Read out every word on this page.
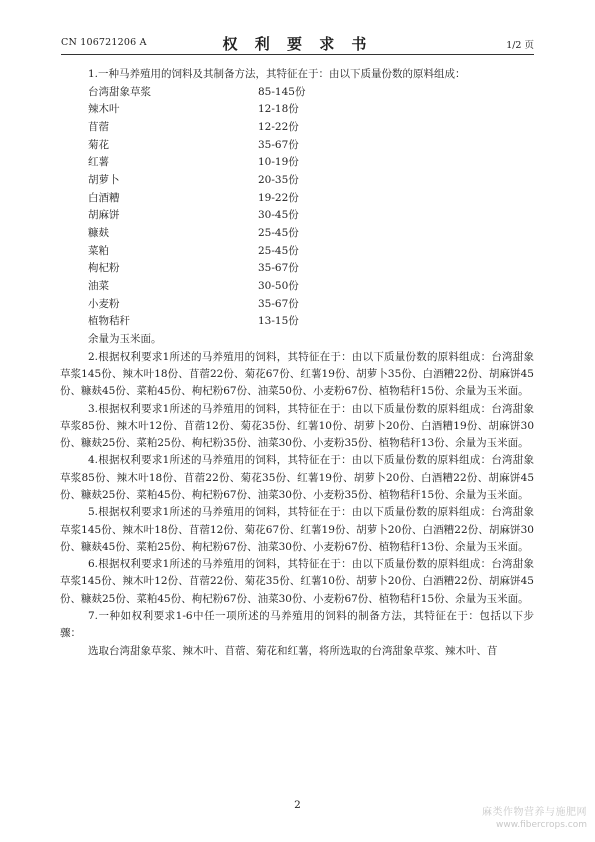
CN 106721206 A	权 利 要 求 书	1/2 页
1.一种马养殖用的饲料及其制备方法，其特征在于：由以下质量份数的原料组成：
台湾甜象草浆	85-145份
辣木叶	12-18份
苜蓿	12-22份
菊花	35-67份
红薯	10-19份
胡萝卜	20-35份
白酒糟	19-22份
胡麻饼	30-45份
糠麸	25-45份
菜粕	25-45份
枸杞粉	35-67份
油菜	30-50份
小麦粉	35-67份
植物秸秆	13-15份
余量为玉米面。
2.根据权利要求1所述的马养殖用的饲料，其特征在于：由以下质量份数的原料组成：台湾甜象草浆145份、辣木叶18份、苜蓿22份、菊花67份、红薯19份、胡萝卜35份、白酒糟22份、胡麻饼45份、糠麸45份、菜粕45份、枸杞粉67份、油菜50份、小麦粉67份、植物秸秆15份、余量为玉米面。
3.根据权利要求1所述的马养殖用的饲料，其特征在于：由以下质量份数的原料组成：台湾甜象草浆85份、辣木叶12份、苜蓿12份、菊花35份、红薯10份、胡萝卜20份、白酒糟19份、胡麻饼30份、糠麸25份、菜粕25份、枸杞粉35份、油菜30份、小麦粉35份、植物秸秆13份、余量为玉米面。
4.根据权利要求1所述的马养殖用的饲料，其特征在于：由以下质量份数的原料组成：台湾甜象草浆85份、辣木叶18份、苜蓿22份、菊花35份、红薯19份、胡萝卜20份、白酒糟22份、胡麻饼45份、糠麸25份、菜粕45份、枸杞粉67份、油菜30份、小麦粉35份、植物秸秆15份、余量为玉米面。
5.根据权利要求1所述的马养殖用的饲料，其特征在于：由以下质量份数的原料组成：台湾甜象草浆145份、辣木叶18份、苜蓿12份、菊花67份、红薯19份、胡萝卜20份、白酒糟22份、胡麻饼30份、糠麸45份、菜粕25份、枸杞粉67份、油菜30份、小麦粉67份、植物秸秆13份、余量为玉米面。
6.根据权利要求1所述的马养殖用的饲料，其特征在于：由以下质量份数的原料组成：台湾甜象草浆145份、辣木叶12份、苜蓿22份、菊花35份、红薯10份、胡萝卜20份、白酒糟22份、胡麻饼45份、糠麸25份、菜粕45份、枸杞粉67份、油菜30份、小麦粉67份、植物秸秆15份、余量为玉米面。
7.一种如权利要求1-6中任一项所述的马养殖用的饲料的制备方法，其特征在于：包括以下步骤：
选取台湾甜象草浆、辣木叶、苜蓿、菊花和红薯，将所选取的台湾甜象草浆、辣木叶、苜
2
麻类作物营养与施肥网
www.fibercrops.com
